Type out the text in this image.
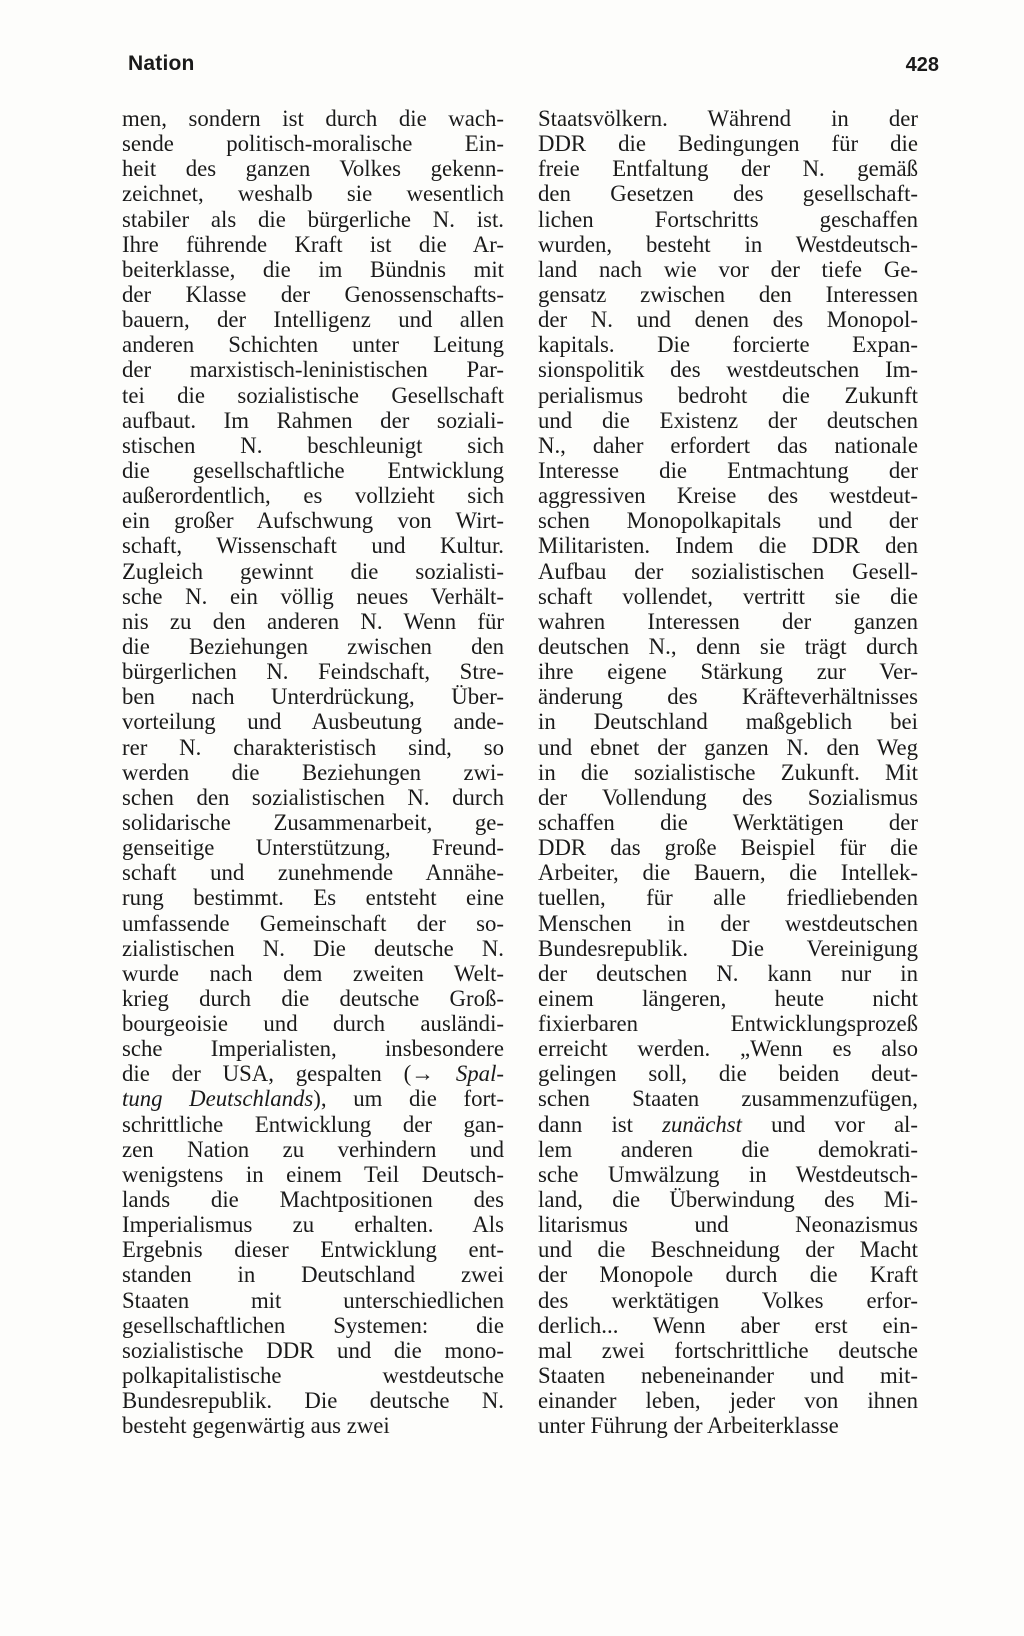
Nation	428
men, sondern ist durch die wach-
sende politisch-moralische Ein-
heit des ganzen Volkes gekenn-
zeichnet, weshalb sie wesentlich
stabiler als die bürgerliche N. ist.
Ihre führende Kraft ist die Ar-
beiterklasse, die im Bündnis mit
der Klasse der Genossenschafts-
bauern, der Intelligenz und allen
anderen Schichten unter Leitung
der marxistisch-leninistischen Par-
tei die sozialistische Gesellschaft
aufbaut. Im Rahmen der soziali-
stischen N. beschleunigt sich
die gesellschaftliche Entwicklung
außerordentlich, es vollzieht sich
ein großer Aufschwung von Wirt-
schaft, Wissenschaft und Kultur.
Zugleich gewinnt die sozialisti-
sche N. ein völlig neues Verhält-
nis zu den anderen N. Wenn für
die Beziehungen zwischen den
bürgerlichen N. Feindschaft, Stre-
ben nach Unterdrückung, Über-
vorteilung und Ausbeutung ande-
rer N. charakteristisch sind, so
werden die Beziehungen zwi-
schen den sozialistischen N. durch
solidarische Zusammenarbeit, ge-
genseitige Unterstützung, Freund-
schaft und zunehmende Annähe-
rung bestimmt. Es entsteht eine
umfassende Gemeinschaft der so-
zialistischen N. Die deutsche N.
wurde nach dem zweiten Welt-
krieg durch die deutsche Groß-
bourgeoisie und durch ausländi-
sche Imperialisten, insbesondere
die der USA, gespalten (→ Spal-
tung Deutschlands), um die fort-
schrittliche Entwicklung der gan-
zen Nation zu verhindern und
wenigstens in einem Teil Deutsch-
lands die Machtpositionen des
Imperialismus zu erhalten. Als
Ergebnis dieser Entwicklung ent-
standen in Deutschland zwei
Staaten mit unterschiedlichen
gesellschaftlichen Systemen: die
sozialistische DDR und die mono-
polkapitalistische westdeutsche
Bundesrepublik. Die deutsche N.
besteht gegenwärtig aus zwei
Staatsvölkern. Während in der
DDR die Bedingungen für die
freie Entfaltung der N. gemäß
den Gesetzen des gesellschaft-
lichen Fortschritts geschaffen
wurden, besteht in Westdeutsch-
land nach wie vor der tiefe Ge-
gensatz zwischen den Interessen
der N. und denen des Monopol-
kapitals. Die forcierte Expan-
sionspolitik des westdeutschen Im-
perialismus bedroht die Zukunft
und die Existenz der deutschen
N., daher erfordert das nationale
Interesse die Entmachtung der
aggressiven Kreise des westdeut-
schen Monopolkapitals und der
Militaristen. Indem die DDR den
Aufbau der sozialistischen Gesell-
schaft vollendet, vertritt sie die
wahren Interessen der ganzen
deutschen N., denn sie trägt durch
ihre eigene Stärkung zur Ver-
änderung des Kräfteverhältnisses
in Deutschland maßgeblich bei
und ebnet der ganzen N. den Weg
in die sozialistische Zukunft. Mit
der Vollendung des Sozialismus
schaffen die Werktätigen der
DDR das große Beispiel für die
Arbeiter, die Bauern, die Intellek-
tuellen, für alle friedliebenden
Menschen in der westdeutschen
Bundesrepublik. Die Vereinigung
der deutschen N. kann nur in
einem längeren, heute nicht
fixierbaren Entwicklungsprozeß
erreicht werden. „Wenn es also
gelingen soll, die beiden deut-
schen Staaten zusammenzufügen,
dann ist zunächst und vor al-
lem anderen die demokrati-
sche Umwälzung in Westdeutsch-
land, die Überwindung des Mi-
litarismus und Neonazismus
und die Beschneidung der Macht
der Monopole durch die Kraft
des werktätigen Volkes erfor-
derlich... Wenn aber erst ein-
mal zwei fortschrittliche deutsche
Staaten nebeneinander und mit-
einander leben, jeder von ihnen
unter Führung der Arbeiterklasse
